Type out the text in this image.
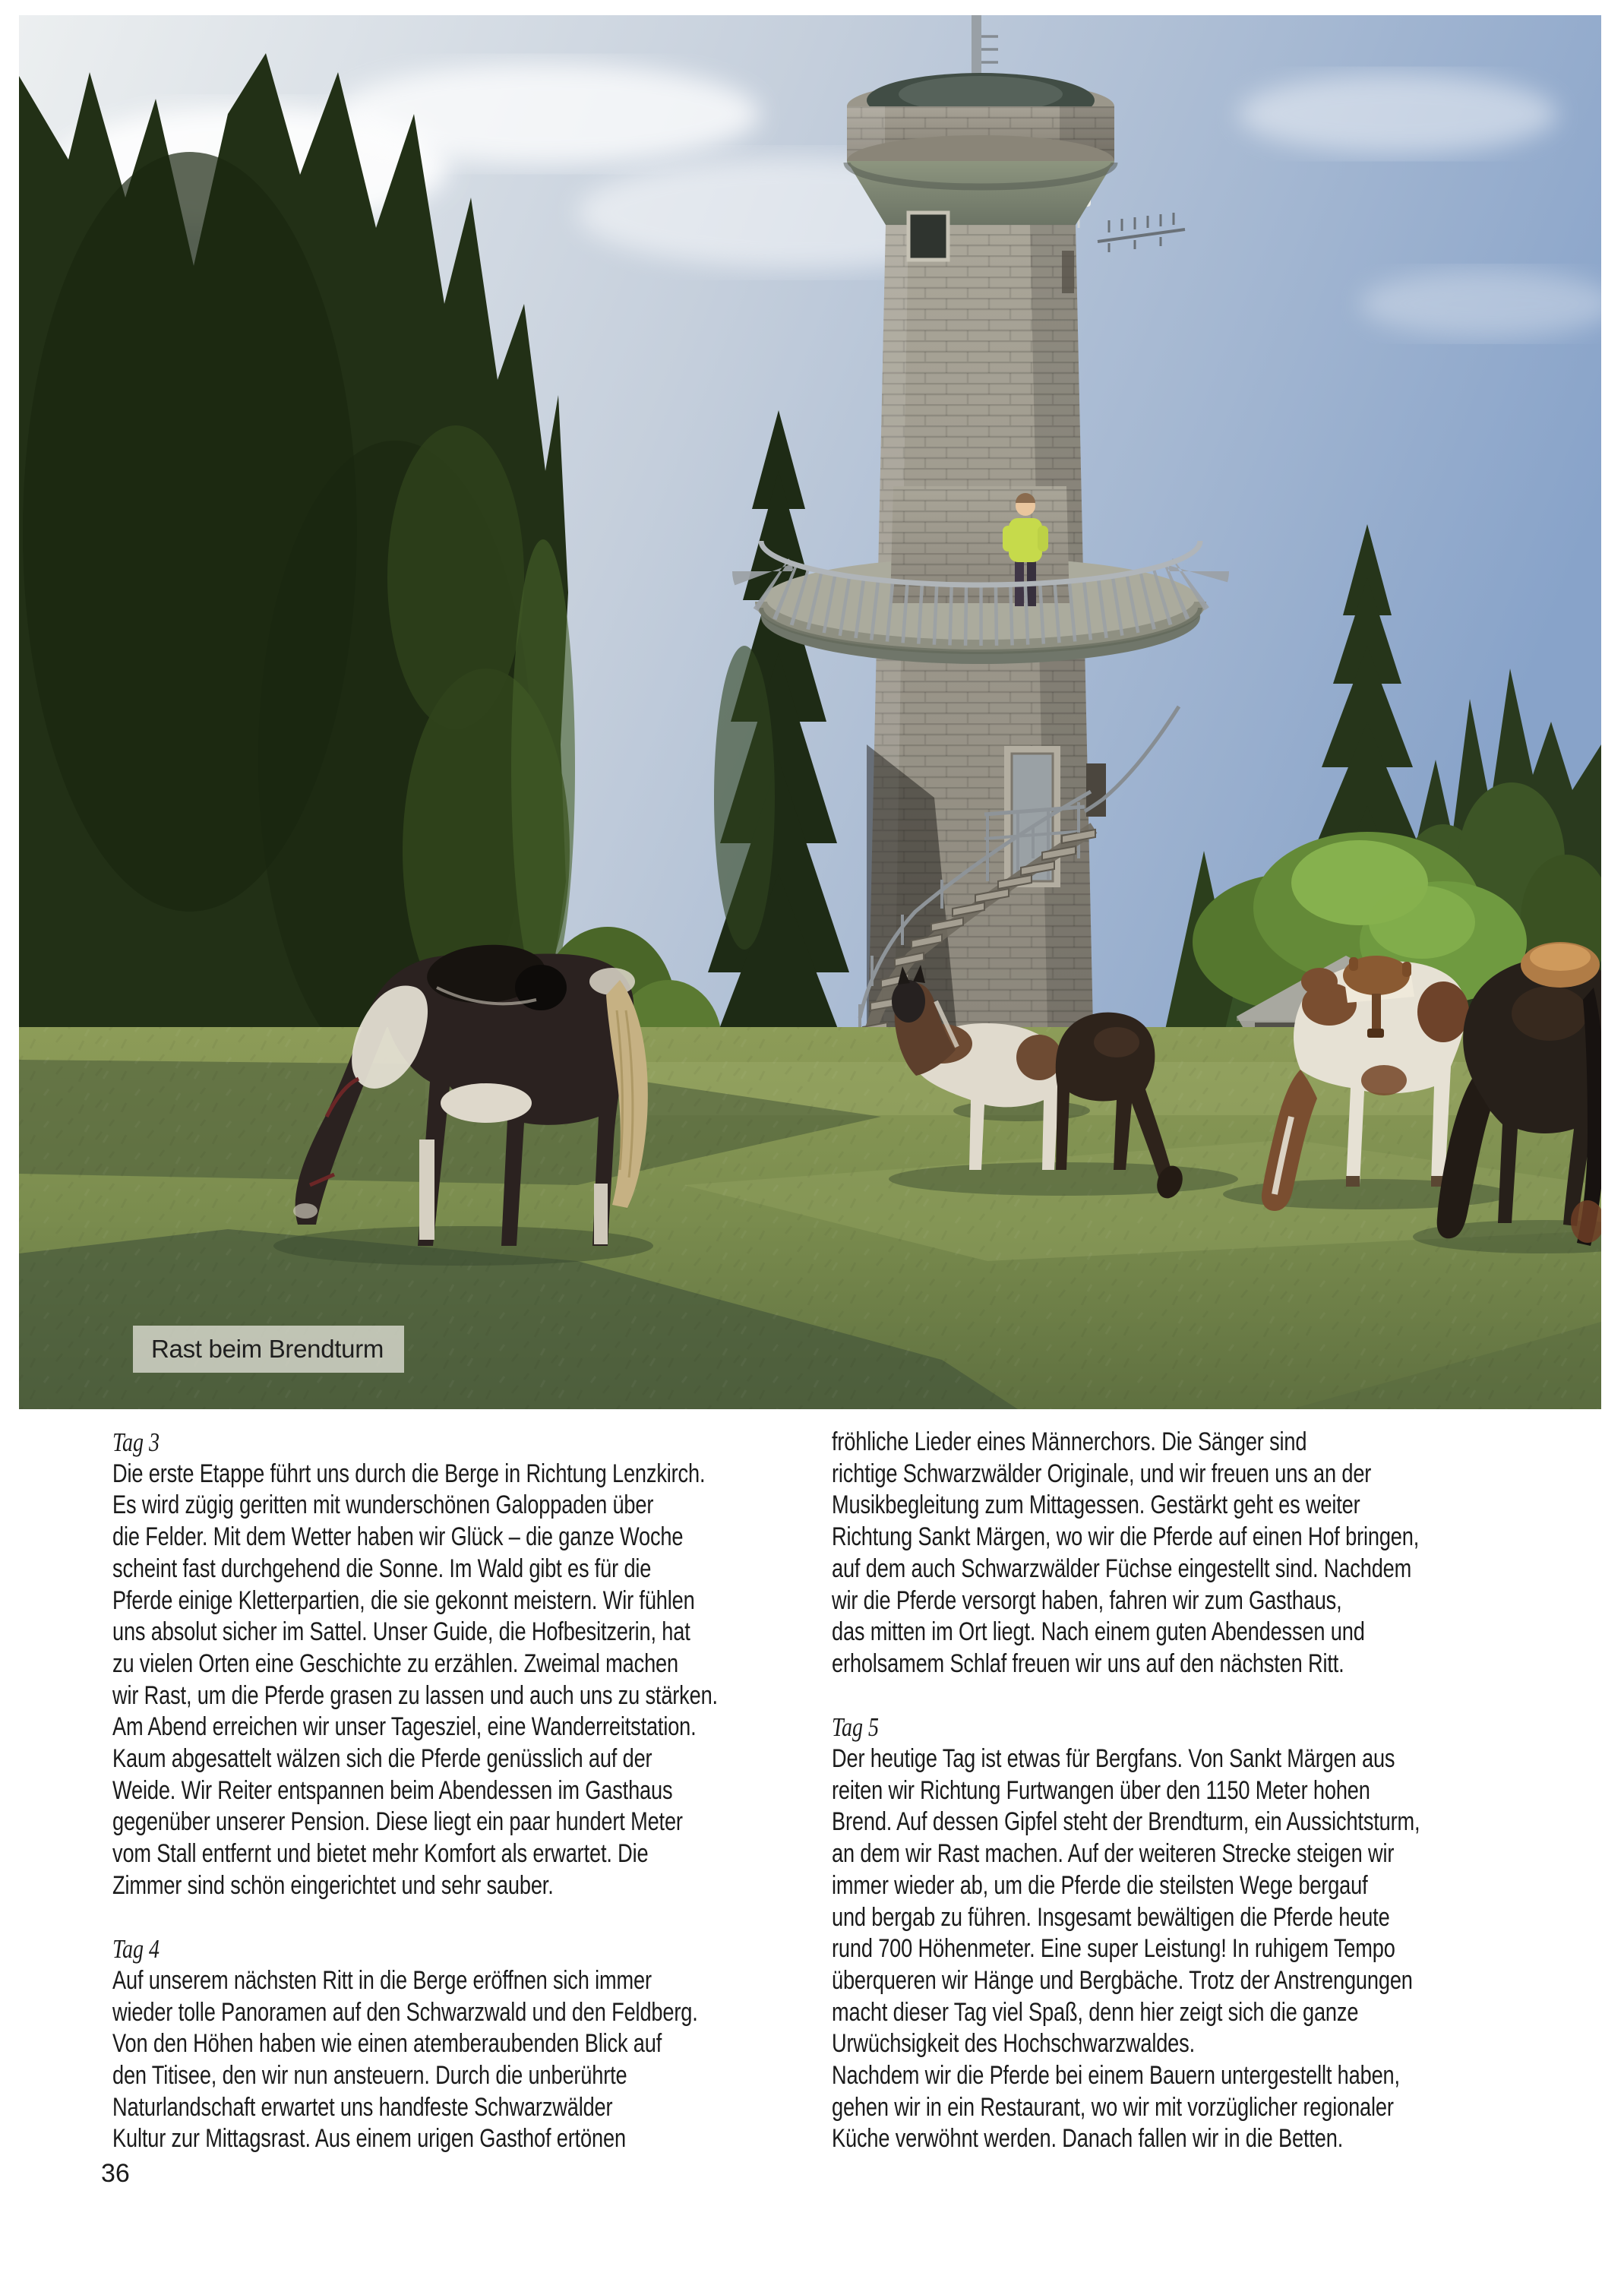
Rast beim Brendturm
Tag 3

Die erste Etappe führt uns durch die Berge in Richtung Lenzkirch.
Es wird zügig geritten mit wunderschönen Galoppaden über
die Felder. Mit dem Wetter haben wir Glück – die ganze Woche
scheint fast durchgehend die Sonne. Im Wald gibt es für die
Pferde einige Kletterpartien, die sie gekonnt meistern. Wir fühlen
uns absolut sicher im Sattel. Unser Guide, die Hofbesitzerin, hat
zu vielen Orten eine Geschichte zu erzählen. Zweimal machen
wir Rast, um die Pferde grasen zu lassen und auch uns zu stärken.
Am Abend erreichen wir unser Tagesziel, eine Wanderreitstation.
Kaum abgesattelt wälzen sich die Pferde genüsslich auf der
Weide. Wir Reiter entspannen beim Abendessen im Gasthaus
gegenüber unserer Pension. Diese liegt ein paar hundert Meter
vom Stall entfernt und bietet mehr Komfort als erwartet. Die
Zimmer sind schön eingerichtet und sehr sauber.

Tag 4

Auf unserem nächsten Ritt in die Berge eröffnen sich immer
wieder tolle Panoramen auf den Schwarzwald und den Feldberg.
Von den Höhen haben wie einen atemberaubenden Blick auf
den Titisee, den wir nun ansteuern. Durch die unberührte
Naturlandschaft erwartet uns handfeste Schwarzwälder
Kultur zur Mittagsrast. Aus einem urigen Gasthof ertönen

fröhliche Lieder eines Männerchors. Die Sänger sind
richtige Schwarzwälder Originale, und wir freuen uns an der
Musikbegleitung zum Mittagessen. Gestärkt geht es weiter
Richtung Sankt Märgen, wo wir die Pferde auf einen Hof bringen,
auf dem auch Schwarzwälder Füchse eingestellt sind. Nachdem
wir die Pferde versorgt haben, fahren wir zum Gasthaus,
das mitten im Ort liegt. Nach einem guten Abendessen und
erholsamem Schlaf freuen wir uns auf den nächsten Ritt.

Tag 5

Der heutige Tag ist etwas für Bergfans. Von Sankt Märgen aus
reiten wir Richtung Furtwangen über den 1150 Meter hohen
Brend. Auf dessen Gipfel steht der Brendturm, ein Aussichtsturm,
an dem wir Rast machen. Auf der weiteren Strecke steigen wir
immer wieder ab, um die Pferde die steilsten Wege bergauf
und bergab zu führen. Insgesamt bewältigen die Pferde heute
rund 700 Höhenmeter. Eine super Leistung! In ruhigem Tempo
überqueren wir Hänge und Bergbäche. Trotz der Anstrengungen
macht dieser Tag viel Spaß, denn hier zeigt sich die ganze
Urwüchsigkeit des Hochschwarzwaldes.
Nachdem wir die Pferde bei einem Bauern untergestellt haben,
gehen wir in ein Restaurant, wo wir mit vorzüglicher regionaler
Küche verwöhnt werden. Danach fallen wir in die Betten.

36
